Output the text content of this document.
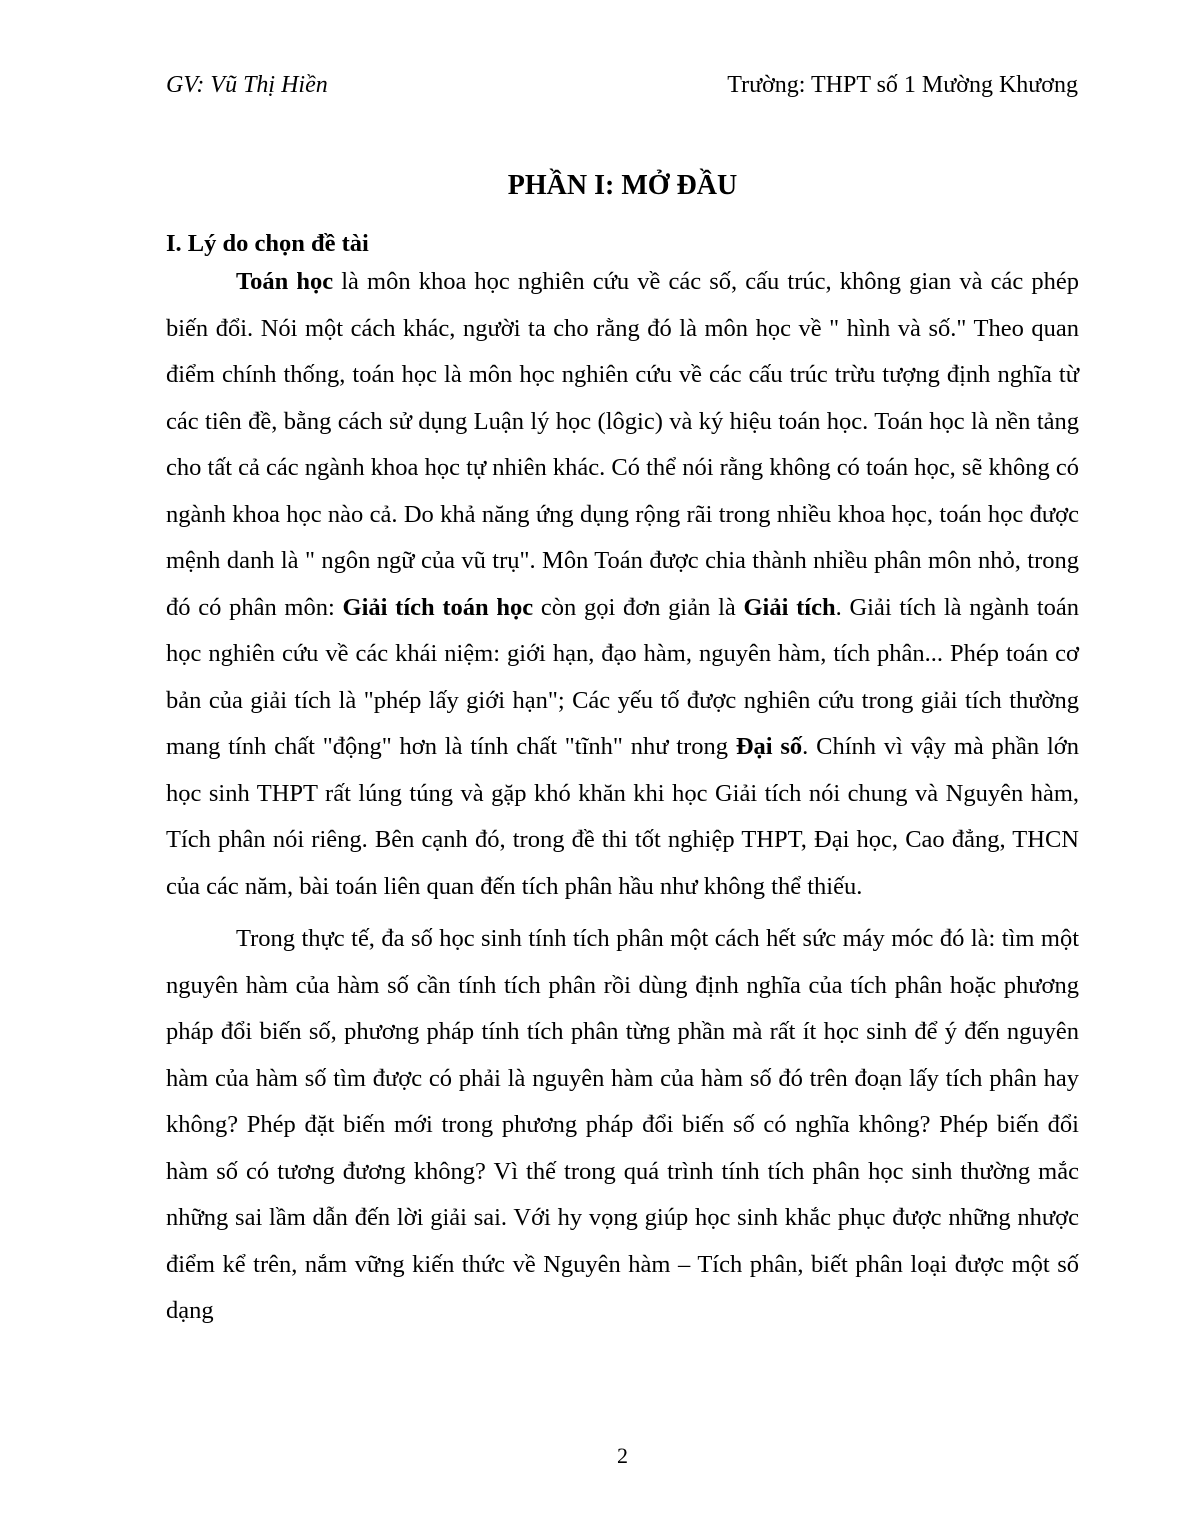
GV: Vũ Thị Hiền	Trường: THPT số 1 Mường Khương
PHẦN I: MỞ ĐẦU
I. Lý do chọn đề tài

Toán học là môn khoa học nghiên cứu về các số, cấu trúc, không gian và các phép biến đổi. Nói một cách khác, người ta cho rằng đó là môn học về " hình và số." Theo quan điểm chính thống, toán học là môn học nghiên cứu về các cấu trúc trừu tượng định nghĩa từ các tiên đề, bằng cách sử dụng Luận lý học (lôgic) và ký hiệu toán học. Toán học là nền tảng cho tất cả các ngành khoa học tự nhiên khác. Có thể nói rằng không có toán học, sẽ không có ngành khoa học nào cả. Do khả năng ứng dụng rộng rãi trong nhiều khoa học, toán học được mệnh danh là " ngôn ngữ của vũ trụ". Môn Toán được chia thành nhiều phân môn nhỏ, trong đó có phân môn: Giải tích toán học còn gọi đơn giản là Giải tích. Giải tích là ngành toán học nghiên cứu về các khái niệm: giới hạn, đạo hàm, nguyên hàm, tích phân... Phép toán cơ bản của giải tích là "phép lấy giới hạn"; Các yếu tố được nghiên cứu trong giải tích thường mang tính chất "động" hơn là tính chất "tĩnh" như trong Đại số. Chính vì vậy mà phần lớn học sinh THPT rất lúng túng và gặp khó khăn khi học Giải tích nói chung và Nguyên hàm, Tích phân nói riêng. Bên cạnh đó, trong đề thi tốt nghiệp THPT, Đại học, Cao đẳng, THCN của các năm, bài toán liên quan đến tích phân hầu như không thể thiếu.

Trong thực tế, đa số học sinh tính tích phân một cách hết sức máy móc đó là: tìm một nguyên hàm của hàm số cần tính tích phân rồi dùng định nghĩa của tích phân hoặc phương pháp đổi biến số, phương pháp tính tích phân từng phần mà rất ít học sinh để ý đến nguyên hàm của hàm số tìm được có phải là nguyên hàm của hàm số đó trên đoạn lấy tích phân hay không? Phép đặt biến mới trong phương pháp đổi biến số có nghĩa không? Phép biến đổi hàm số có tương đương không? Vì thế trong quá trình tính tích phân học sinh thường mắc những sai lầm dẫn đến lời giải sai. Với hy vọng giúp học sinh khắc phục được những nhược điểm kể trên, nắm vững kiến thức về Nguyên hàm – Tích phân, biết phân loại được một số dạng

2
